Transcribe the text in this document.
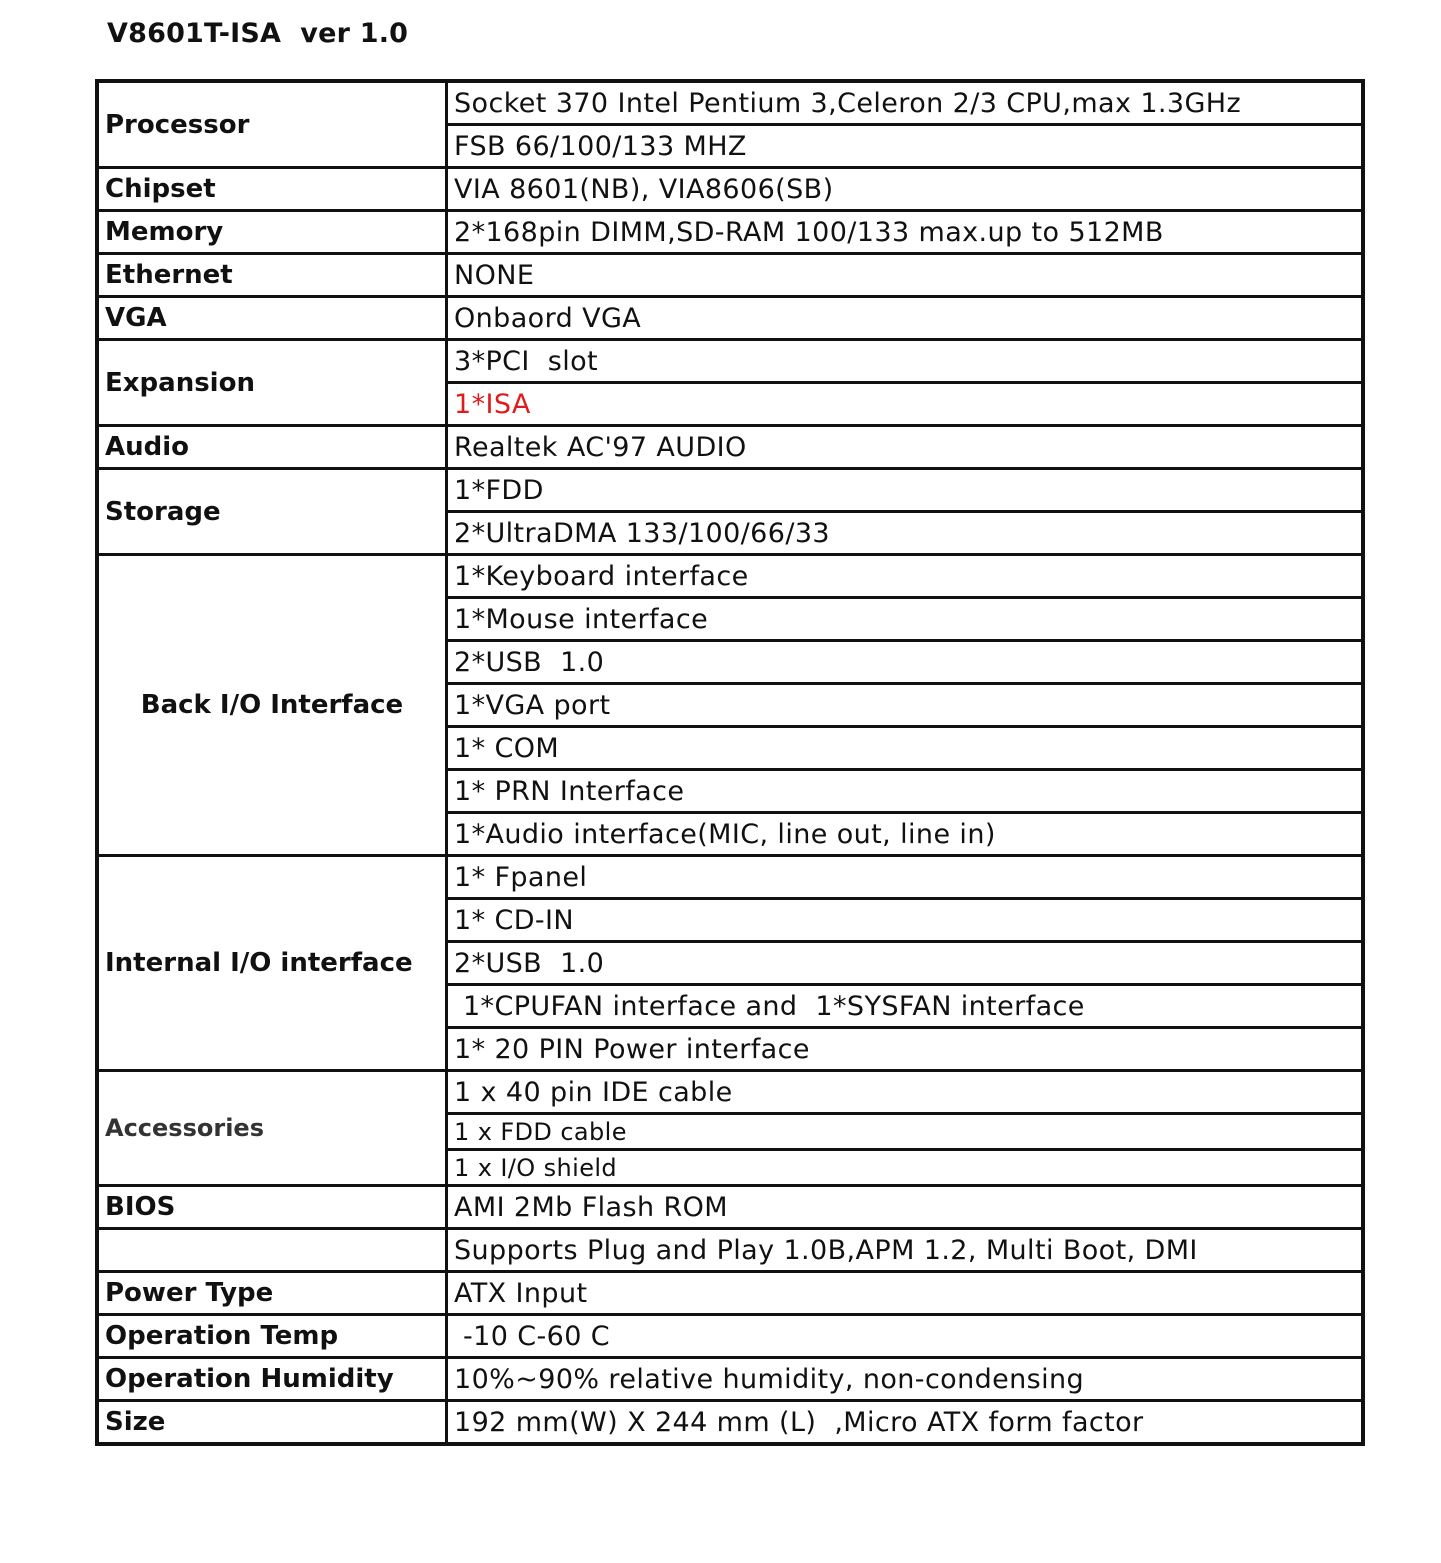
V8601T-ISA  ver 1.0
Processor	Socket 370 Intel Pentium 3,Celeron 2/3 CPU,max 1.3GHz
	FSB 66/100/133 MHZ
Chipset	VIA 8601(NB), VIA8606(SB)
Memory	2*168pin DIMM,SD-RAM 100/133 max.up to 512MB
Ethernet	NONE
VGA	Onbaord VGA
Expansion	3*PCI  slot
	1*ISA
Audio	Realtek AC'97 AUDIO
Storage	1*FDD
	2*UltraDMA 133/100/66/33
Back I/O Interface	1*Keyboard interface
	1*Mouse interface
	2*USB  1.0
	1*VGA port
	1* COM
	1* PRN Interface
	1*Audio interface(MIC, line out, line in)
Internal I/O interface	1* Fpanel
	1* CD-IN
	2*USB  1.0
	1*CPUFAN interface and  1*SYSFAN interface
	1* 20 PIN Power interface
Accessories	1 x 40 pin IDE cable
	1 x FDD cable
	1 x I/O shield
BIOS	AMI 2Mb Flash ROM
	Supports Plug and Play 1.0B,APM 1.2, Multi Boot, DMI
Power Type	ATX Input
Operation Temp	-10 C-60 C
Operation Humidity	10%~90% relative humidity, non-condensing
Size	192 mm(W) X 244 mm (L)  ,Micro ATX form factor
